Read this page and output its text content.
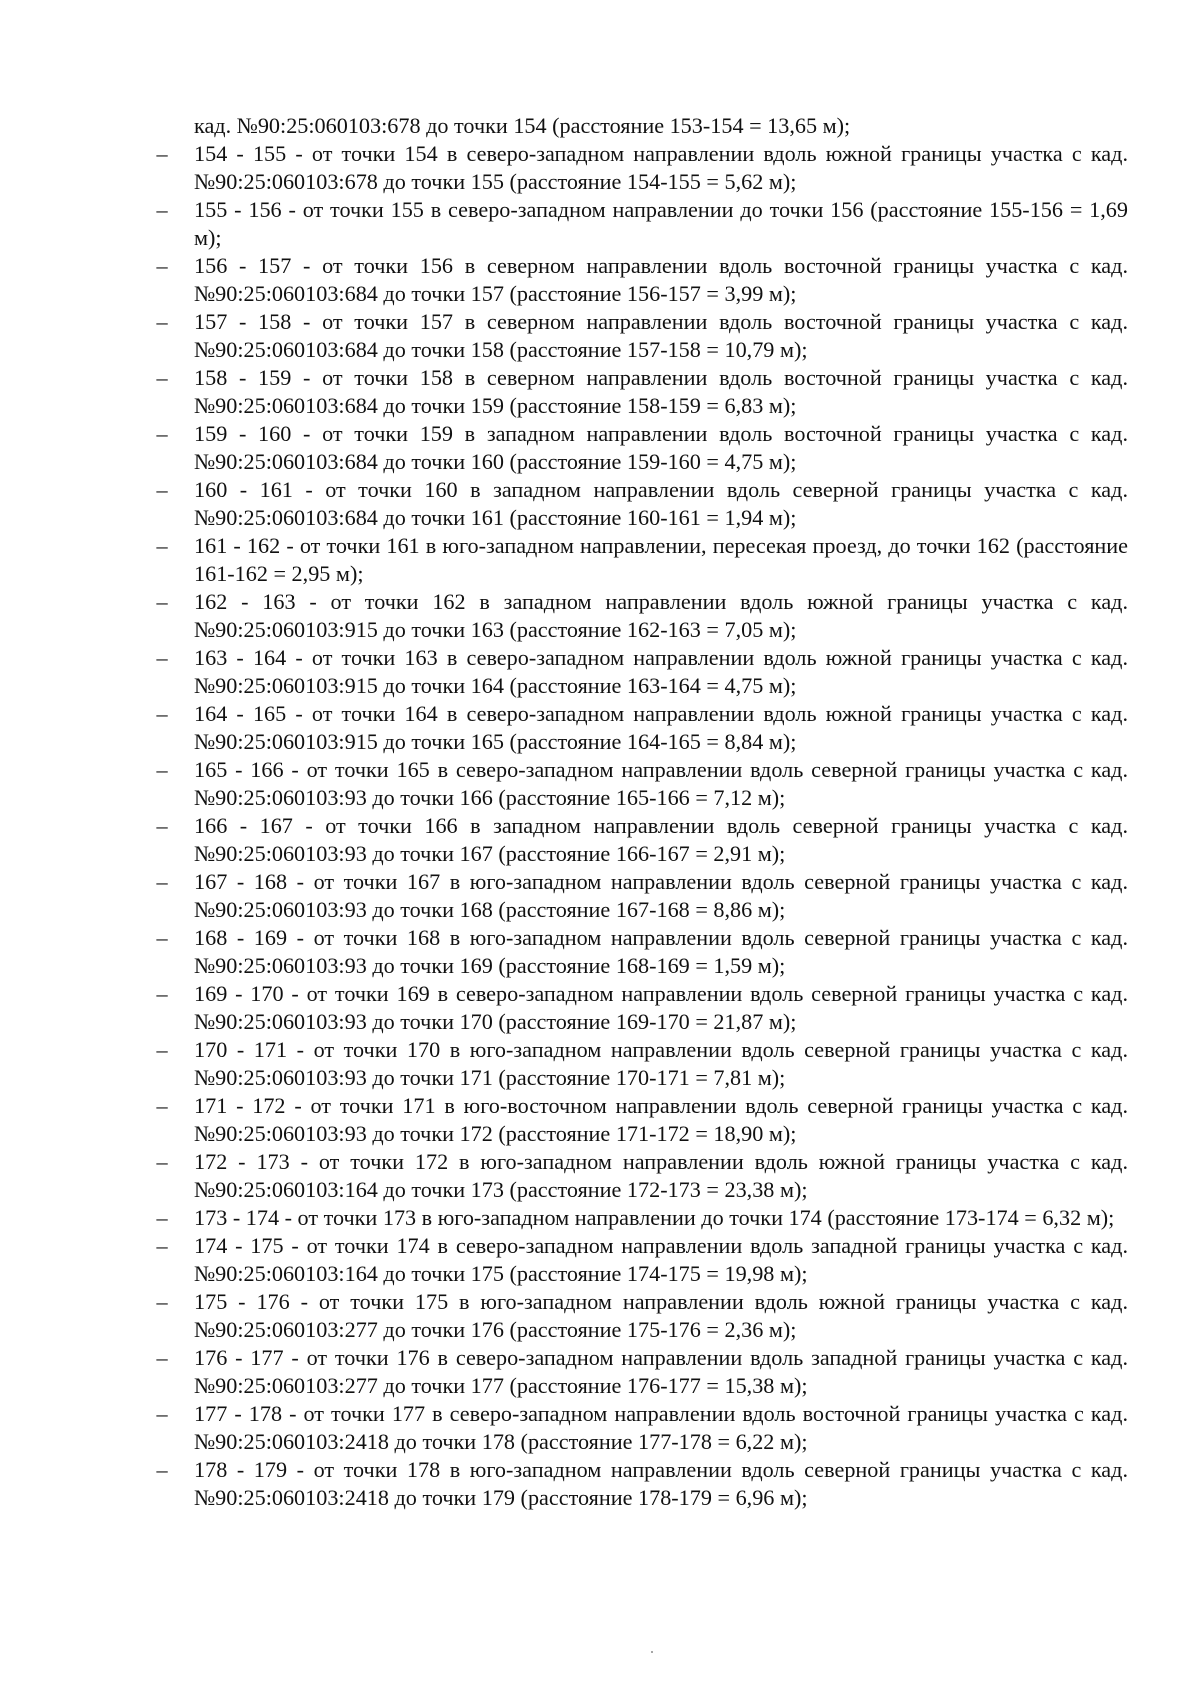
кад. №90:25:060103:678 до точки 154 (расстояние 153-154 = 13,65 м);

– 154 - 155 - от точки 154 в северо-западном направлении вдоль южной границы участка с кад. №90:25:060103:678 до точки 155 (расстояние 154-155 = 5,62 м);

– 155 - 156 - от точки 155 в северо-западном направлении до точки 156 (расстояние 155-156 = 1,69 м);

– 156 - 157 - от точки 156 в северном направлении вдоль восточной границы участка с кад. №90:25:060103:684 до точки 157 (расстояние 156-157 = 3,99 м);

– 157 - 158 - от точки 157 в северном направлении вдоль восточной границы участка с кад. №90:25:060103:684 до точки 158 (расстояние 157-158 = 10,79 м);

– 158 - 159 - от точки 158 в северном направлении вдоль восточной границы участка с кад. №90:25:060103:684 до точки 159 (расстояние 158-159 = 6,83 м);

– 159 - 160 - от точки 159 в западном направлении вдоль восточной границы участка с кад. №90:25:060103:684 до точки 160 (расстояние 159-160 = 4,75 м);

– 160 - 161 - от точки 160 в западном направлении вдоль северной границы участка с кад. №90:25:060103:684 до точки 161 (расстояние 160-161 = 1,94 м);

– 161 - 162 - от точки 161 в юго-западном направлении, пересекая проезд, до точки 162 (расстояние 161-162 = 2,95 м);

– 162 - 163 - от точки 162 в западном направлении вдоль южной границы участка с кад. №90:25:060103:915 до точки 163 (расстояние 162-163 = 7,05 м);

– 163 - 164 - от точки 163 в северо-западном направлении вдоль южной границы участка с кад. №90:25:060103:915 до точки 164 (расстояние 163-164 = 4,75 м);

– 164 - 165 - от точки 164 в северо-западном направлении вдоль южной границы участка с кад. №90:25:060103:915 до точки 165 (расстояние 164-165 = 8,84 м);

– 165 - 166 - от точки 165 в северо-западном направлении вдоль северной границы участка с кад. №90:25:060103:93 до точки 166 (расстояние 165-166 = 7,12 м);

– 166 - 167 - от точки 166 в западном направлении вдоль северной границы участка с кад. №90:25:060103:93 до точки 167 (расстояние 166-167 = 2,91 м);

– 167 - 168 - от точки 167 в юго-западном направлении вдоль северной границы участка с кад. №90:25:060103:93 до точки 168 (расстояние 167-168 = 8,86 м);

– 168 - 169 - от точки 168 в юго-западном направлении вдоль северной границы участка с кад. №90:25:060103:93 до точки 169 (расстояние 168-169 = 1,59 м);

– 169 - 170 - от точки 169 в северо-западном направлении вдоль северной границы участка с кад. №90:25:060103:93 до точки 170 (расстояние 169-170 = 21,87 м);

– 170 - 171 - от точки 170 в юго-западном направлении вдоль северной границы участка с кад. №90:25:060103:93 до точки 171 (расстояние 170-171 = 7,81 м);

– 171 - 172 - от точки 171 в юго-восточном направлении вдоль северной границы участка с кад. №90:25:060103:93 до точки 172 (расстояние 171-172 = 18,90 м);

– 172 - 173 - от точки 172 в юго-западном направлении вдоль южной границы участка с кад. №90:25:060103:164 до точки 173 (расстояние 172-173 = 23,38 м);

– 173 - 174 - от точки 173 в юго-западном направлении до точки 174 (расстояние 173-174 = 6,32 м);

– 174 - 175 - от точки 174 в северо-западном направлении вдоль западной границы участка с кад. №90:25:060103:164 до точки 175 (расстояние 174-175 = 19,98 м);

– 175 - 176 - от точки 175 в юго-западном направлении вдоль южной границы участка с кад. №90:25:060103:277 до точки 176 (расстояние 175-176 = 2,36 м);

– 176 - 177 - от точки 176 в северо-западном направлении вдоль западной границы участка с кад. №90:25:060103:277 до точки 177 (расстояние 176-177 = 15,38 м);

– 177 - 178 - от точки 177 в северо-западном направлении вдоль восточной границы участка с кад. №90:25:060103:2418 до точки 178 (расстояние 177-178 = 6,22 м);

– 178 - 179 - от точки 178 в юго-западном направлении вдоль северной границы участка с кад. №90:25:060103:2418 до точки 179 (расстояние 178-179 = 6,96 м);
